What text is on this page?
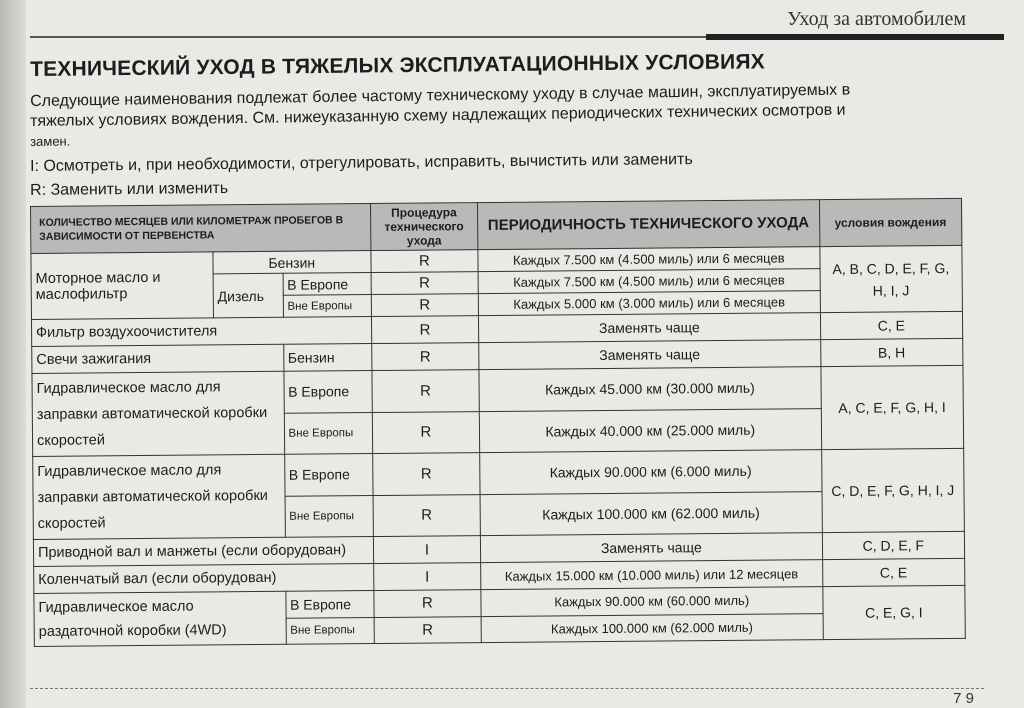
Уход за автомобилем
ТЕХНИЧЕСКИЙ УХОД В ТЯЖЕЛЫХ ЭКСПЛУАТАЦИОННЫХ УСЛОВИЯХ

Следующие наименования подлежат более частому техническому уходу в случае машин, эксплуатируемых в

тяжелых условиях вождения. См. нижеуказанную схему надлежащих периодических технических осмотров и

замен.

I: Осмотреть и, при необходимости, отрегулировать, исправить, вычистить или заменить

R: Заменить или изменить

КОЛИЧЕСТВО МЕСЯЦЕВ ИЛИ КИЛОМЕТРАЖ ПРОБЕГОВ В ЗАВИСИМОСТИ ОТ ПЕРВЕНСТВА			Процедура технического ухода	ПЕРИОДИЧНОСТЬ ТЕХНИЧЕСКОГО УХОДА	условия вождения
Моторное масло и маслофильтр	Бензин		R	Каждых 7.500 км (4.500 миль) или 6 месяцев	A, B, C, D, E, F, G, H, I, J
	Дизель	В Европе	R	Каждых 7.500 км (4.500 миль) или 6 месяцев	
		Вне Европы	R	Каждых 5.000 км (3.000 миль) или 6 месяцев	
Фильтр воздухоочистителя			R	Заменять чаще	C, E
Свечи зажигания		Бензин	R	Заменять чаще	B, H
Гидравлическое масло для заправки автоматической коробки скоростей		В Европе	R	Каждых 45.000 км (30.000 миль)	A, C, E, F, G, H, I
		Вне Европы	R	Каждых 40.000 км (25.000 миль)	
Гидравлическое масло для заправки автоматической коробки скоростей		В Европе	R	Каждых 90.000 км (6.000 миль)	C, D, E, F, G, H, I, J
		Вне Европы	R	Каждых 100.000 км (62.000 миль)	
Приводной вал и манжеты (если оборудован)			I	Заменять чаще	C, D, E, F
Коленчатый вал (если оборудован)			I	Каждых 15.000 км (10.000 миль) или 12 месяцев	C, E
Гидравлическое масло раздаточной коробки (4WD)		В Европе	R	Каждых 90.000 км (60.000 миль)	C, E, G, I
		Вне Европы	R	Каждых 100.000 км (62.000 миль)	
7 9
